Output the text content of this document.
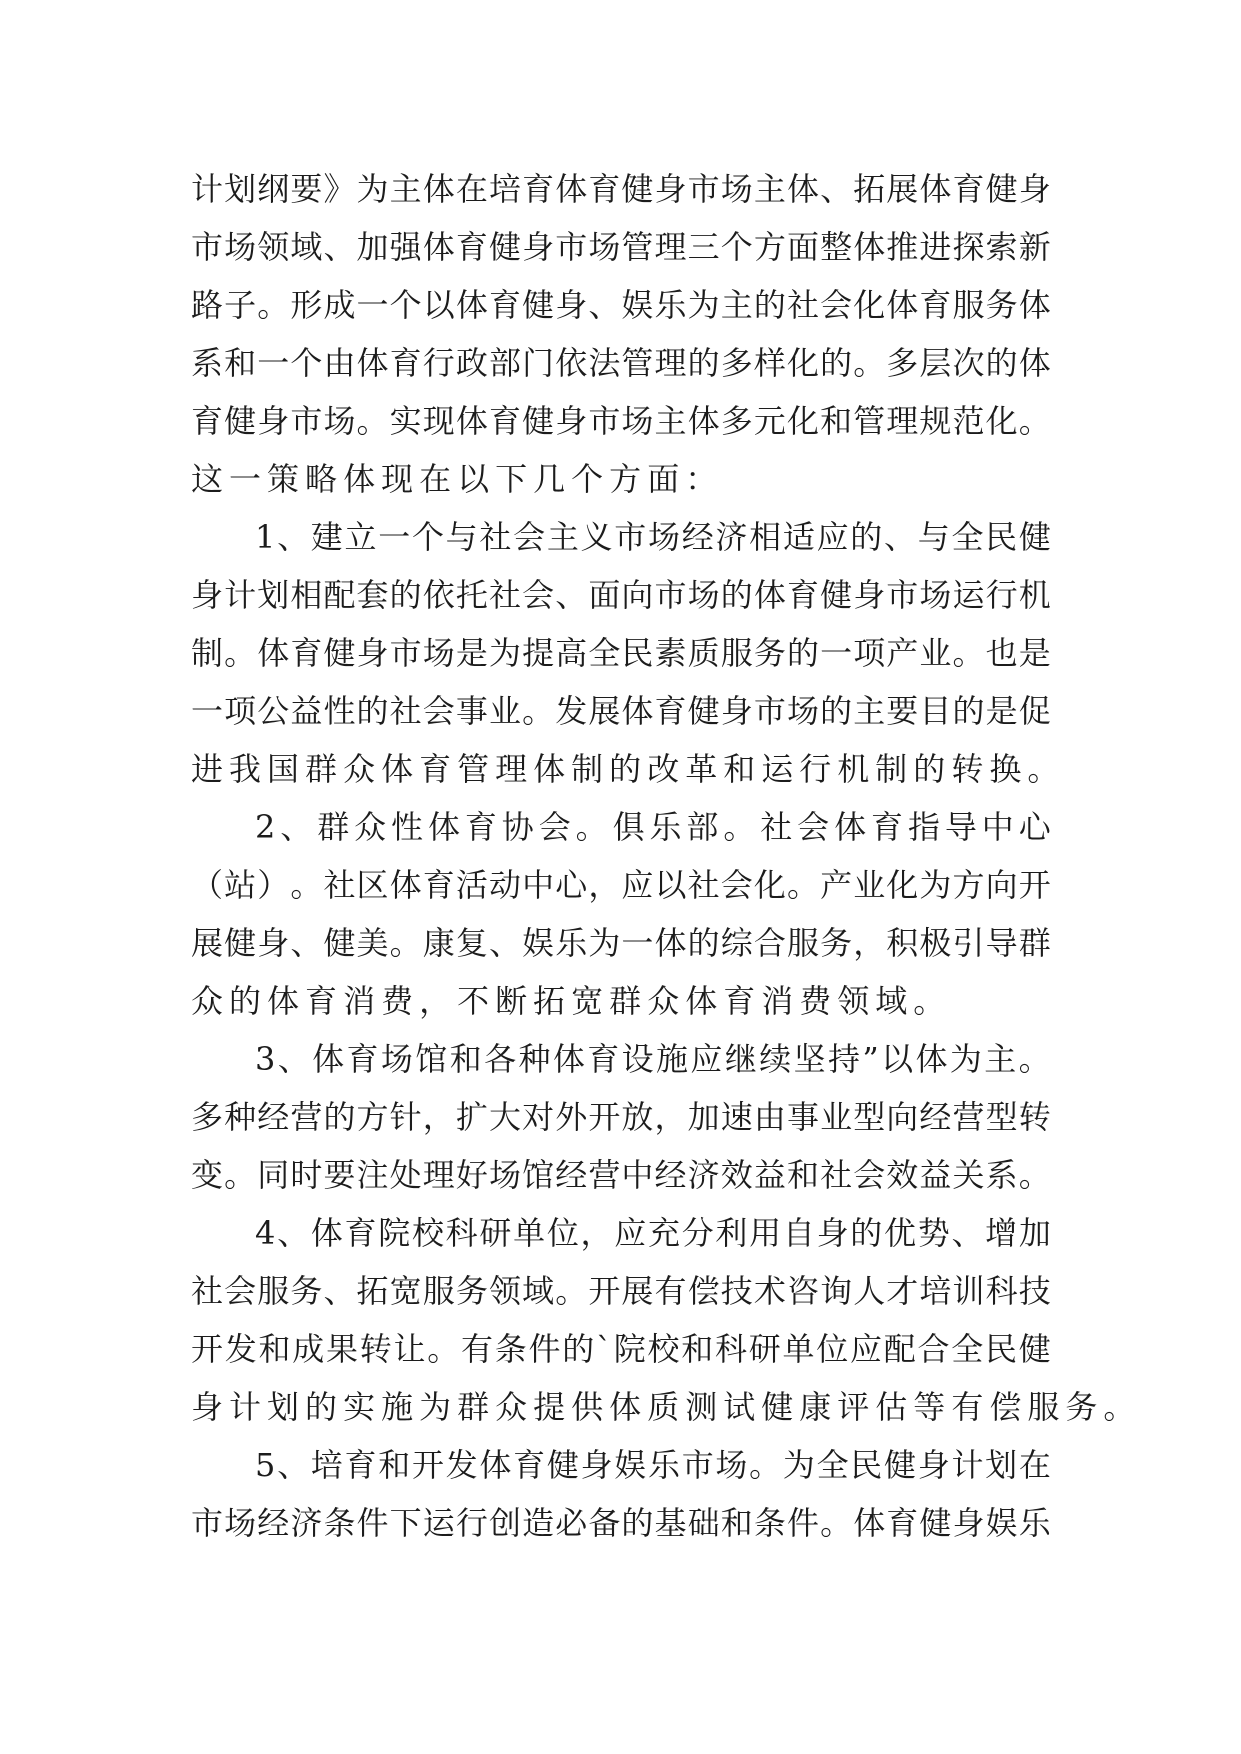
计 划 纲 要 》 为 主 体 在 培 育 体 育 健 身 市 场 主 体 、 拓 展 体 育 健 身
市 场 领 域 、 加 强 体 育 健 身 市 场 管 理 三 个 方 面 整 体 推 进 探 索 新
路 子 。 形 成 一 个 以 体 育 健 身 、 娱 乐 为 主 的 社 会 化 体 育 服 务 体
系 和 一 个 由 体 育 行 政 部 门 依 法 管 理 的 多 样 化 的 。 多 层 次 的 体
育 健 身 市 场 。 实 现 体 育 健 身 市 场 主 体 多 元 化 和 管 理 规 范 化 。
这 一 策 略 体 现 在 以 下 几 个 方 面 ：
1 、 建 立 一 个 与 社 会 主 义 市 场 经 济 相 适 应 的 、 与 全 民 健
身 计 划 相 配 套 的 依 托 社 会 、 面 向 市 场 的 体 育 健 身 市 场 运 行 机
制 。 体 育 健 身 市 场 是 为 提 高 全 民 素 质 服 务 的 一 项 产 业 。 也 是
一 项 公 益 性 的 社 会 事 业 。 发 展 体 育 健 身 市 场 的 主 要 目 的 是 促
进 我 国 群 众 体 育 管 理 体 制 的 改 革 和 运 行 机 制 的 转 换 。
2 、 群 众 性 体 育 协 会 。 俱 乐 部 。 社 会 体 育 指 导 中 心
（ 站 ） 。 社 区 体 育 活 动 中 心 ， 应 以 社 会 化 。 产 业 化 为 方 向 开
展 健 身 、 健 美 。 康 复 、 娱 乐 为 一 体 的 综 合 服 务 ， 积 极 引 导 群
众 的 体 育 消 费 ， 不 断 拓 宽 群 众 体 育 消 费 领 域 。
3 、 体 育 场 馆 和 各 种 体 育 设 施 应 继 续 坚 持 ” 以 体 为 主 。
多 种 经 营 的 方 针 ， 扩 大 对 外 开 放 ， 加 速 由 事 业 型 向 经 营 型 转
变 。 同 时 要 注 处 理 好 场 馆 经 营 中 经 济 效 益 和 社 会 效 益 关 系 。
4 、 体 育 院 校 科 研 单 位 ， 应 充 分 利 用 自 身 的 优 势 、 增 加
社 会 服 务 、 拓 宽 服 务 领 域 。 开 展 有 偿 技 术 咨 询 人 才 培 训 科 技
开 发 和 成 果 转 让 。 有 条 件 的 ` 院 校 和 科 研 单 位 应 配 合 全 民 健
身 计 划 的 实 施 为 群 众 提 供 体 质 测 试 健 康 评 估 等 有 偿 服 务 。
5 、 培 育 和 开 发 体 育 健 身 娱 乐 市 场 。 为 全 民 健 身 计 划 在
市 场 经 济 条 件 下 运 行 创 造 必 备 的 基 础 和 条 件 。 体 育 健 身 娱 乐
